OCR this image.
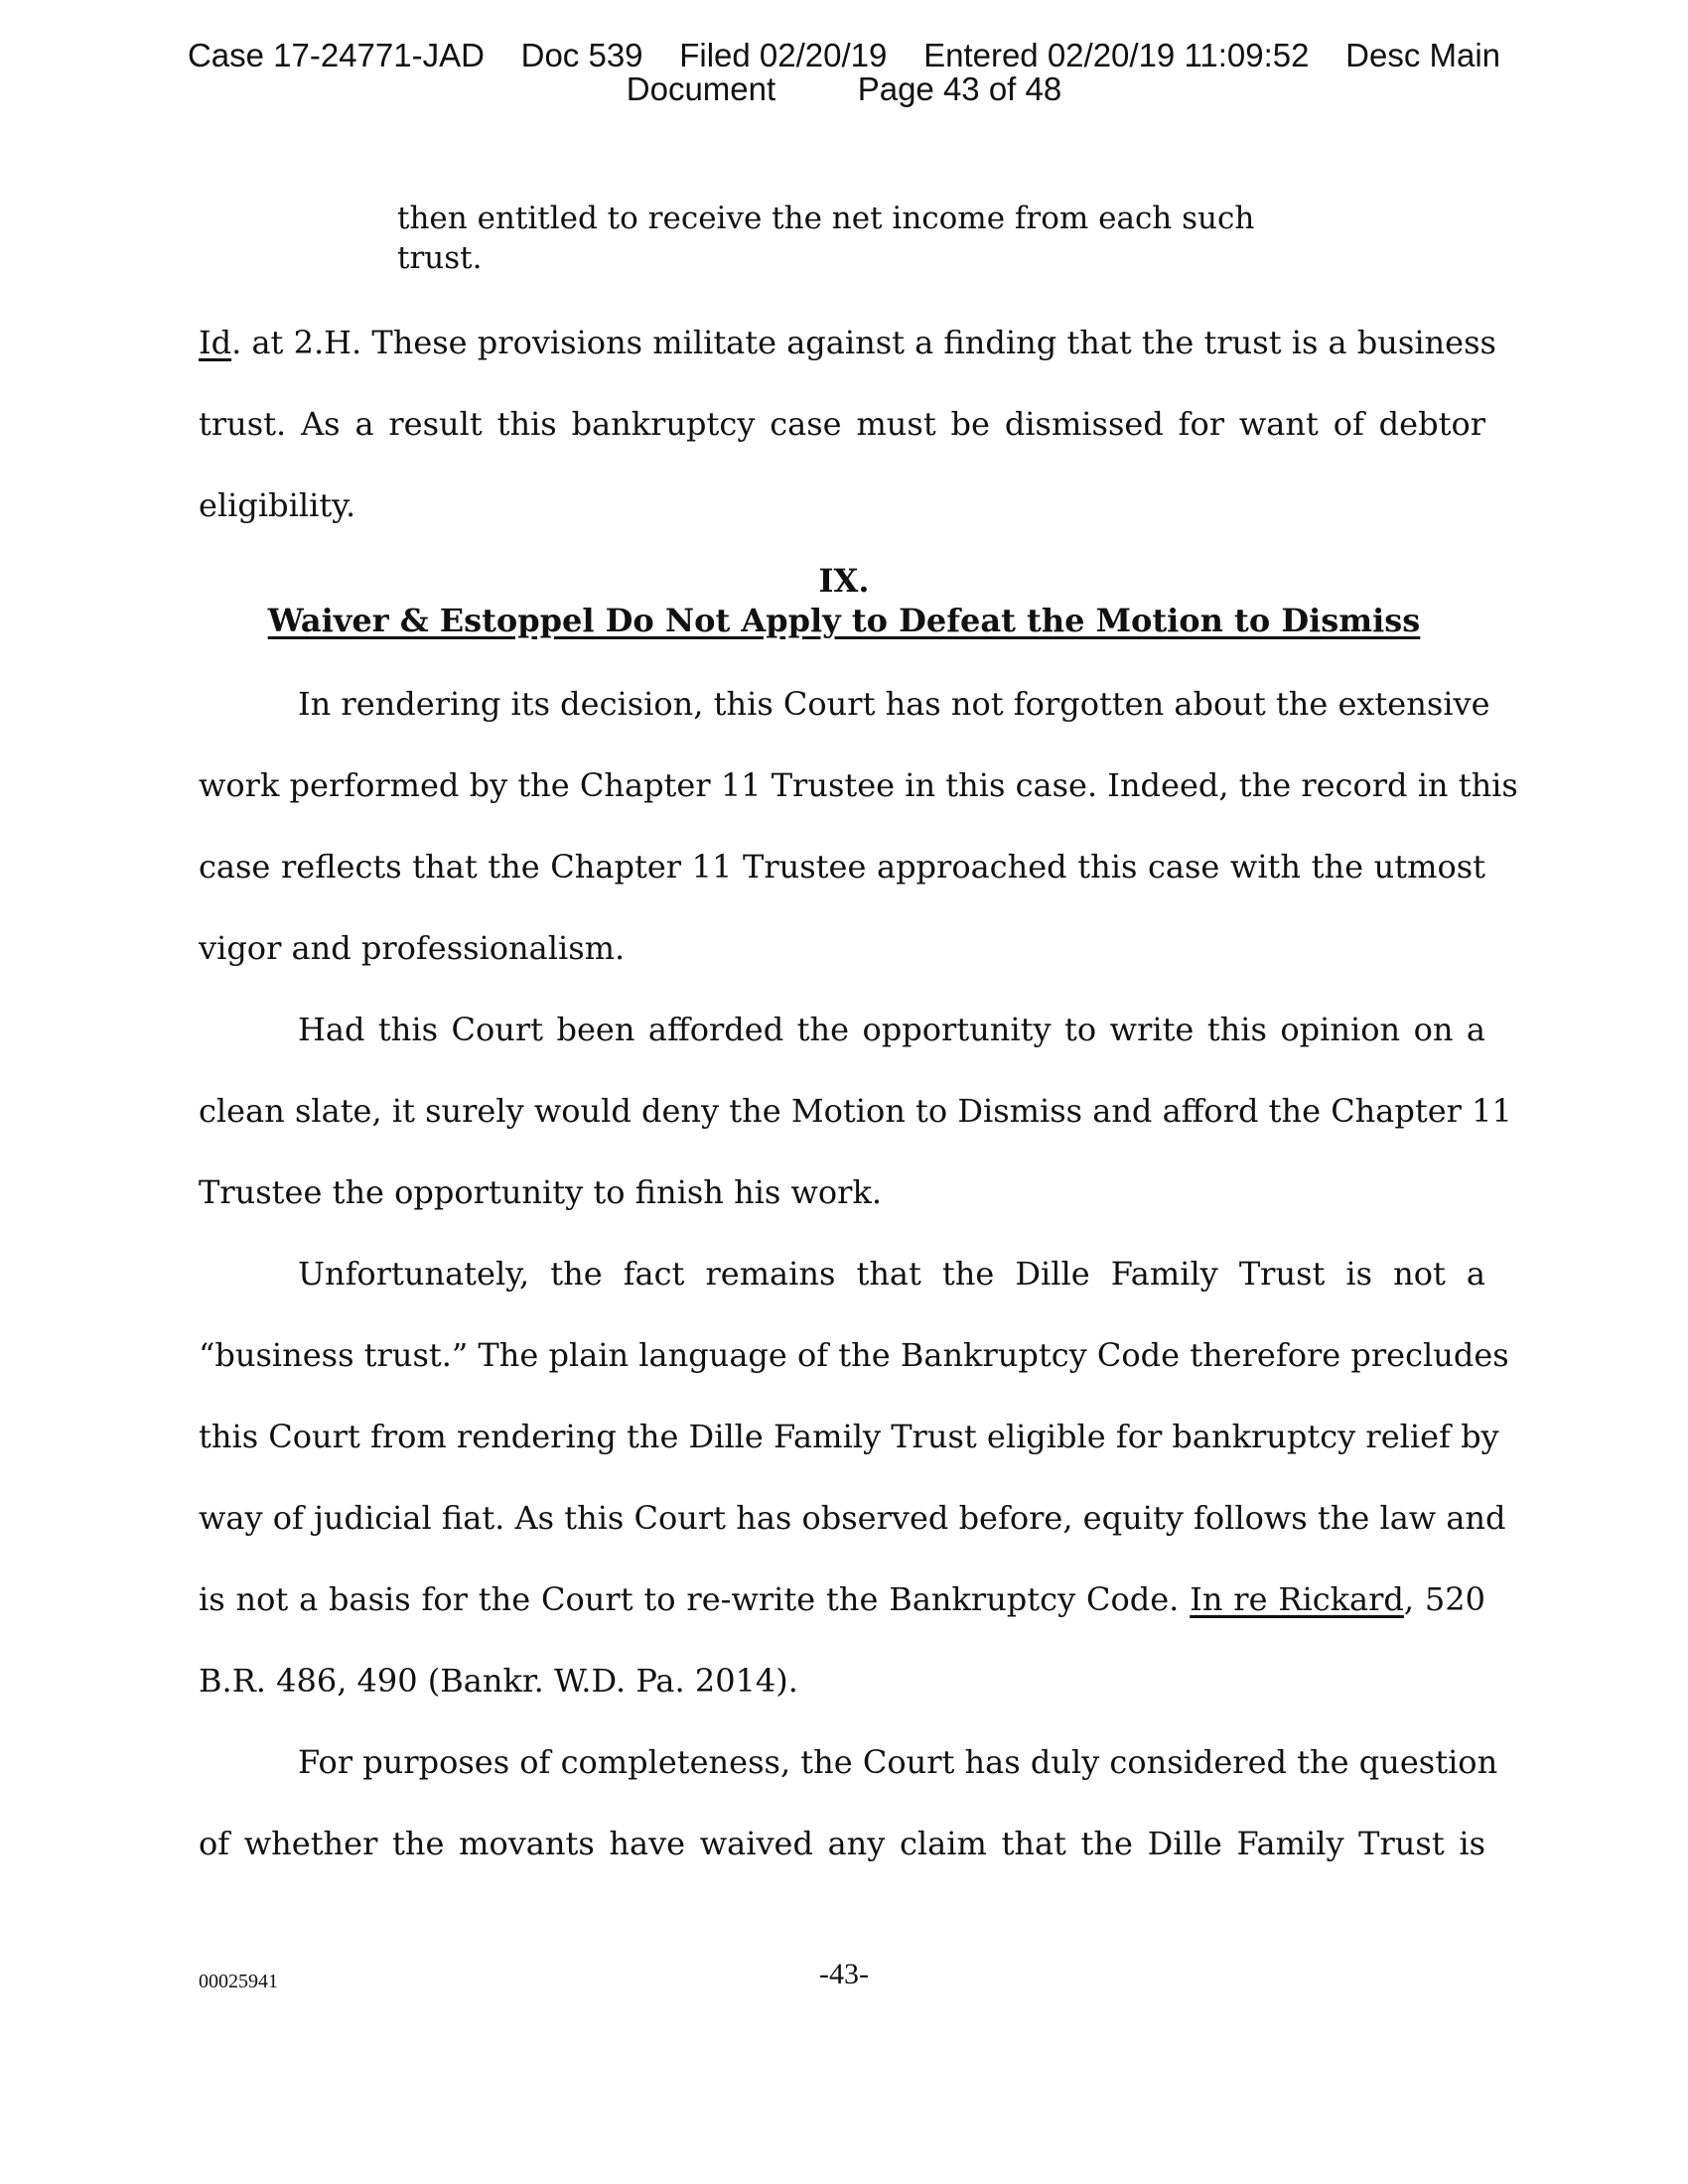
Case 17-24771-JAD Doc 539 Filed 02/20/19 Entered 02/20/19 11:09:52 Desc Main
Document	Page 43 of 48
then entitled to receive the net income from each such
trust.
Id. at 2.H. These provisions militate against a finding that the trust is a business
trust. As a result this bankruptcy case must be dismissed for want of debtor
eligibility.
IX.
Waiver & Estoppel Do Not Apply to Defeat the Motion to Dismiss
In rendering its decision, this Court has not forgotten about the extensive
work performed by the Chapter 11 Trustee in this case. Indeed, the record in this
case reflects that the Chapter 11 Trustee approached this case with the utmost
vigor and professionalism.
Had this Court been afforded the opportunity to write this opinion on a
clean slate, it surely would deny the Motion to Dismiss and afford the Chapter 11
Trustee the opportunity to finish his work.
Unfortunately, the fact remains that the Dille Family Trust is not a
“business trust.” The plain language of the Bankruptcy Code therefore precludes
this Court from rendering the Dille Family Trust eligible for bankruptcy relief by
way of judicial fiat. As this Court has observed before, equity follows the law and
is not a basis for the Court to re-write the Bankruptcy Code. In re Rickard, 520
B.R. 486, 490 (Bankr. W.D. Pa. 2014).
For purposes of completeness, the Court has duly considered the question
of whether the movants have waived any claim that the Dille Family Trust is
00025941	-43-
